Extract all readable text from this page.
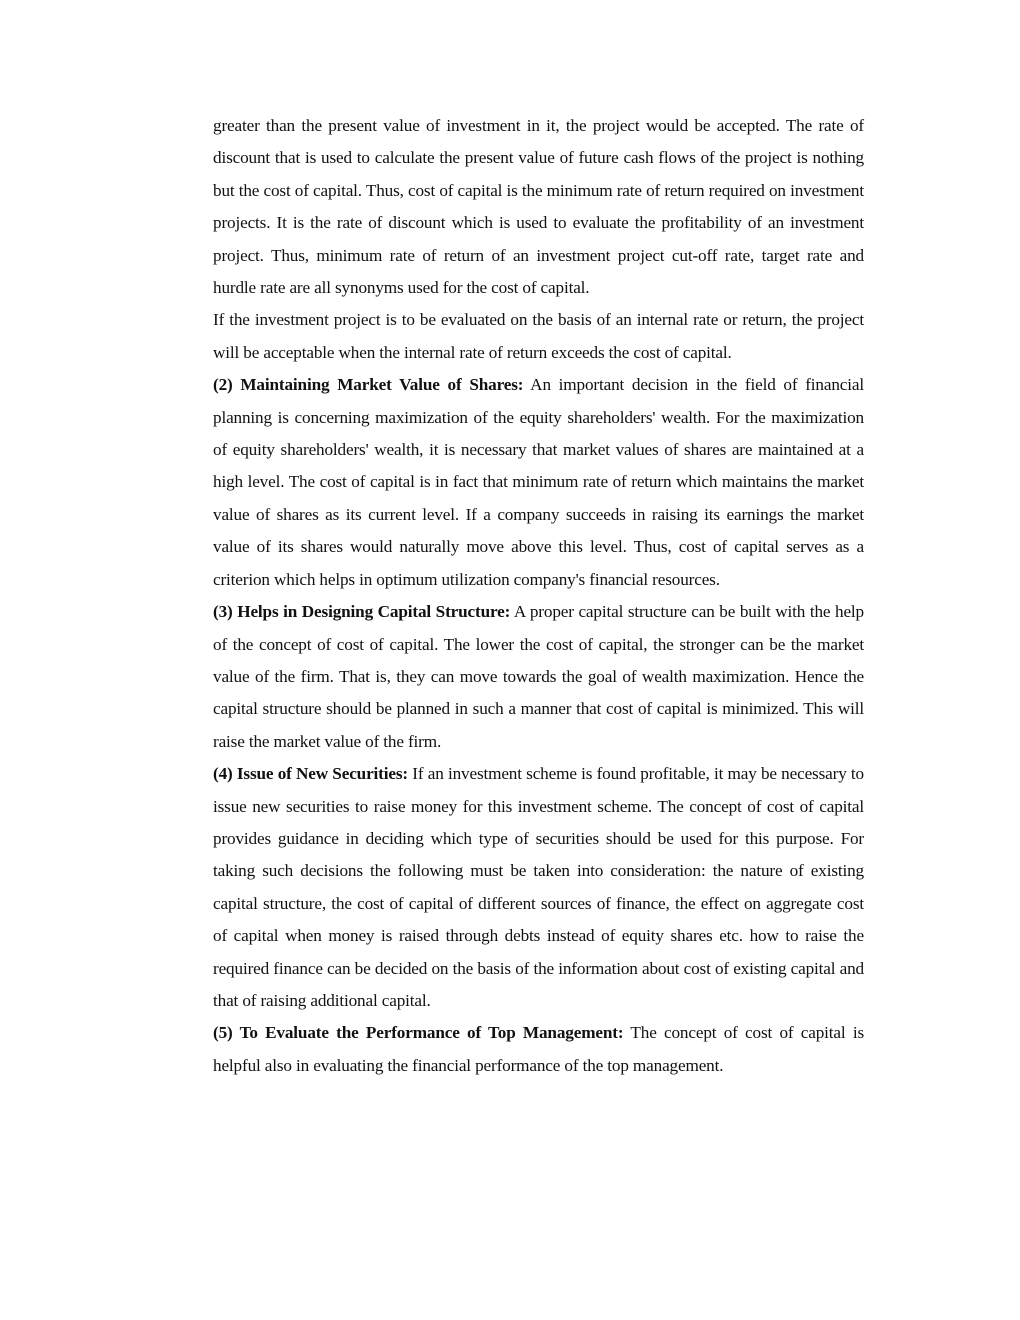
greater than the present value of investment in it, the project would be accepted. The rate of discount that is used to calculate the present value of future cash flows of the project is nothing but the cost of capital. Thus, cost of capital is the minimum rate of return required on investment projects. It is the rate of discount which is used to evaluate the profitability of an investment project. Thus, minimum rate of return of an investment project cut-off rate, target rate and hurdle rate are all synonyms used for the cost of capital.

If the investment project is to be evaluated on the basis of an internal rate or return, the project will be acceptable when the internal rate of return exceeds the cost of capital.

(2) Maintaining Market Value of Shares: An important decision in the field of financial planning is concerning maximization of the equity shareholders' wealth. For the maximization of equity shareholders' wealth, it is necessary that market values of shares are maintained at a high level. The cost of capital is in fact that minimum rate of return which maintains the market value of shares as its current level. If a company succeeds in raising its earnings the market value of its shares would naturally move above this level. Thus, cost of capital serves as a criterion which helps in optimum utilization company's financial resources.

(3) Helps in Designing Capital Structure: A proper capital structure can be built with the help of the concept of cost of capital. The lower the cost of capital, the stronger can be the market value of the firm. That is, they can move towards the goal of wealth maximization. Hence the capital structure should be planned in such a manner that cost of capital is minimized. This will raise the market value of the firm.

(4) Issue of New Securities: If an investment scheme is found profitable, it may be necessary to issue new securities to raise money for this investment scheme. The concept of cost of capital provides guidance in deciding which type of securities should be used for this purpose. For taking such decisions the following must be taken into consideration: the nature of existing capital structure, the cost of capital of different sources of finance, the effect on aggregate cost of capital when money is raised through debts instead of equity shares etc. how to raise the required finance can be decided on the basis of the information about cost of existing capital and that of raising additional capital.

(5) To Evaluate the Performance of Top Management: The concept of cost of capital is helpful also in evaluating the financial performance of the top management.
